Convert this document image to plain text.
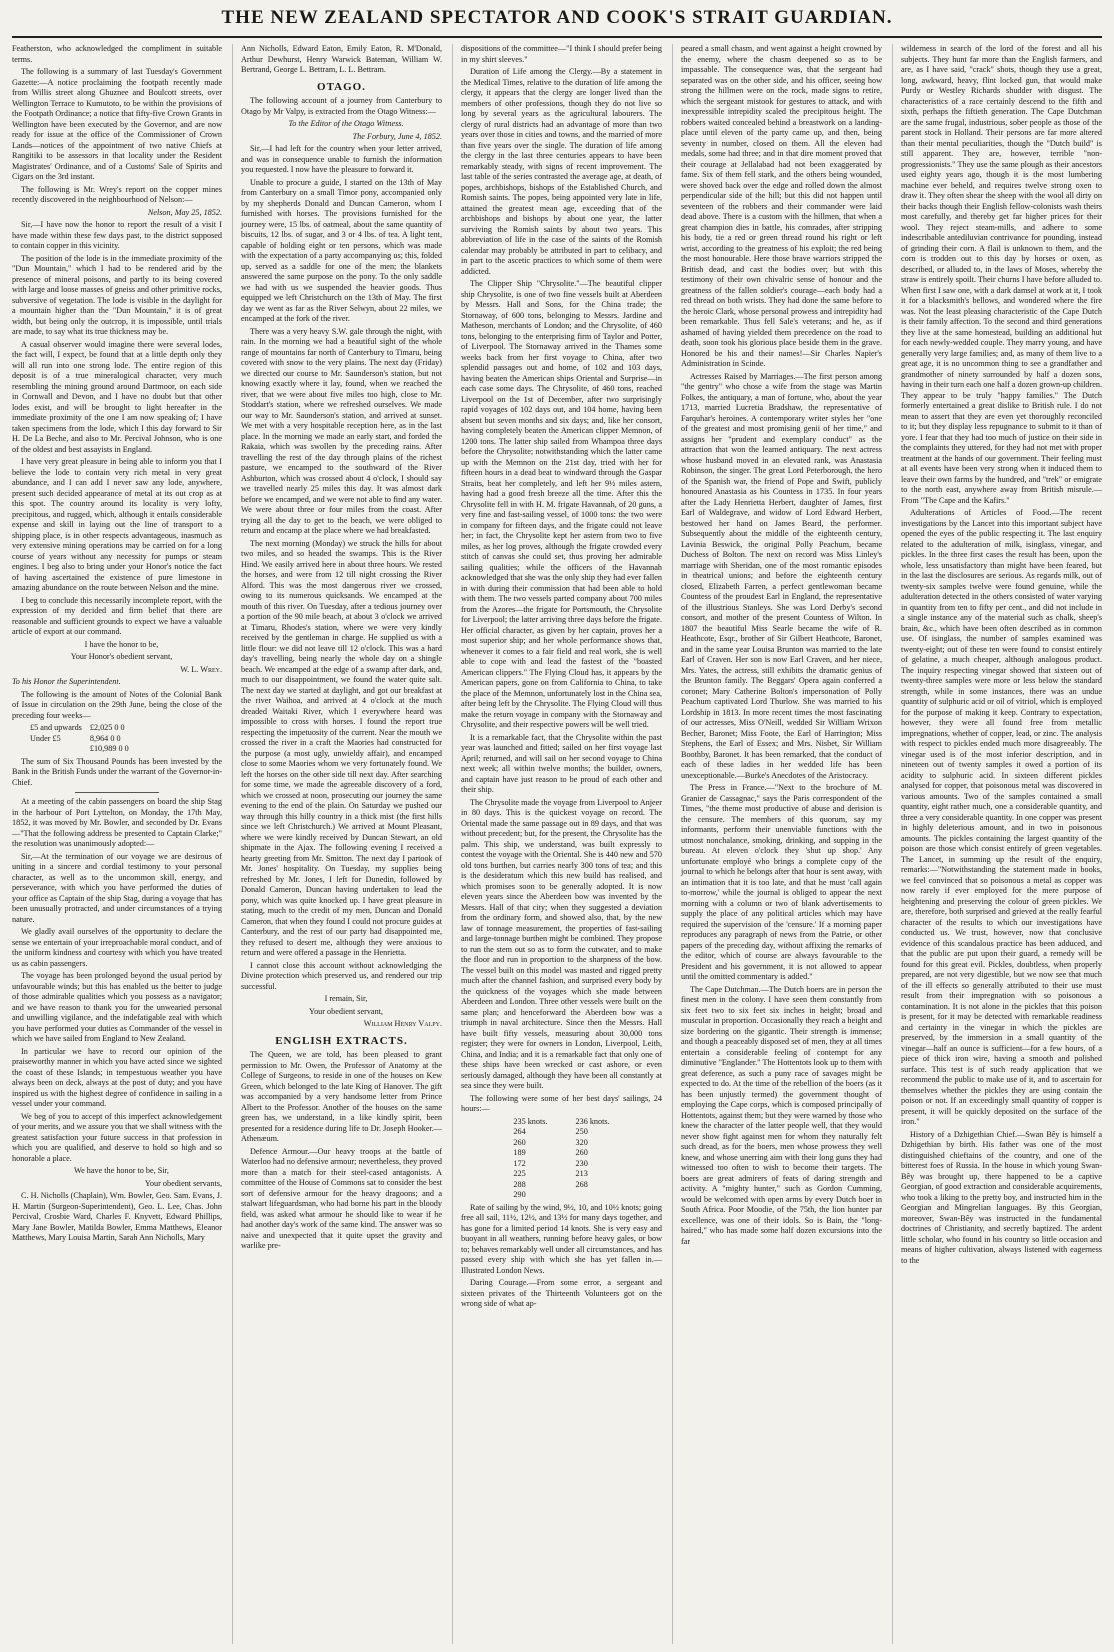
THE NEW ZEALAND SPECTATOR AND COOK'S STRAIT GUARDIAN.

Featherston, who acknowledged the compliment in suitable terms.

The following is a summary of last Tuesday's Government Gazette:—A notice proclaiming the footpath recently made from Willis street along Ghuznee and Boulcott streets, over Wellington Terrace to Kumutoto, to be within the provisions of the Footpath Ordinance; a notice that fifty-five Crown Grants in Wellington have been executed by the Governor, and are now ready for issue at the office of the Commissioner of Crown Lands—notices of the appointment of two native Chiefs at Rangitiki to be assessors in that locality under the Resident Magistrates' Ordinance, and of a Customs' Sale of Spirits and Cigars on the 3rd instant.

The following is Mr. Wrey's report on the copper mines recently discovered in the neighbourhood of Nelson:—

Nelson, May 25, 1852.

Sir,—I have now the honor to report the result of a visit I have made within these few days past, to the district supposed to contain copper in this vicinity.

The position of the lode is in the immediate proximity of the "Dun Mountain," which I had to be rendered arid by the presence of mineral poisons, and partly to its being covered with large and loose masses of gneiss and other primitive rocks, subversive of vegetation. The lode is visible in the daylight for a mountain higher than the "Dun Mountain," it is of great width, but being only the outcrop, it is impossible, until trials are made, to say what its true thickness may be.

A casual observer would imagine there were several lodes, the fact will, I expect, be found that at a little depth only they will all run into one strong lode. The entire region of this deposit is of a true mineralogical character, very much resembling the mining ground around Dartmoor, on each side in Cornwall and Devon, and I have no doubt but that other lodes exist, and will be brought to light hereafter in the immediate proximity of the one I am now speaking of; I have taken specimens from the lode, which I this day forward to Sir H. De La Beche, and also to Mr. Percival Johnson, who is one of the oldest and best assayists in England.

I have very great pleasure in being able to inform you that I believe the lode to contain very rich metal in very great abundance, and I can add I never saw any lode, anywhere, present such decided appearance of metal at its out crop as at this spot. The country around its locality is very lofty, precipitous, and rugged, which, although it entails considerable expense and skill in laying out the line of transport to a shipping place, is in other respects advantageous, inasmuch as very extensive mining operations may be carried on for a long course of years without any necessity for pumps or steam engines. I beg also to bring under your Honor's notice the fact of having ascertained the existence of pure limestone in amazing abundance on the route between Nelson and the mine.

I beg to conclude this necessarily incomplete report, with the expression of my decided and firm belief that there are reasonable and sufficient grounds to expect we have a valuable article of export at our command.

I have the honor to be,

Your Honor's obedient servant,

W. L. Wrey.

To his Honor the Superintendent.

The following is the amount of Notes of the Colonial Bank of Issue in circulation on the 29th June, being the close of the preceding four weeks—

£5 and upwards	£2,025 0 0
Under £5	8,964 0 0
	£10,989 0 0

The sum of Six Thousand Pounds has been invested by the Bank in the British Funds under the warrant of the Governor-in-Chief.

At a meeting of the cabin passengers on board the ship Stag in the harbour of Port Lyttelton, on Monday, the 17th May, 1852, it was moved by Mr. Bowler, and seconded by Dr. Evans—"That the following address be presented to Captain Clarke;" the resolution was unanimously adopted:—

Sir,—At the termination of our voyage we are desirous of uniting in a sincere and cordial testimony to your personal character, as well as to the uncommon skill, energy, and perseverance, with which you have performed the duties of your office as Captain of the ship Stag, during a voyage that has been unusually protracted, and under circumstances of a trying nature.

We gladly avail ourselves of the opportunity to declare the sense we entertain of your irreproachable moral conduct, and of the uniform kindness and courtesy with which you have treated us as cabin passengers.

The voyage has been prolonged beyond the usual period by unfavourable winds; but this has enabled us the better to judge of those admirable qualities which you possess as a navigator; and we have reason to thank you for the unwearied personal and unwilling vigilance, and the indefatigable zeal with which you have performed your duties as Commander of the vessel in which we have sailed from England to New Zealand.

In particular we have to record our opinion of the praiseworthy manner in which you have acted since we sighted the coast of these Islands; in tempestuous weather you have always been on deck, always at the post of duty; and you have inspired us with the highest degree of confidence in sailing in a vessel under your command.

We beg of you to accept of this imperfect acknowledgement of your merits, and we assure you that we shall witness with the greatest satisfaction your future success in that profession in which you are qualified, and deserve to hold so high and so honorable a place.

We have the honor to be, Sir,

Your obedient servants,

C. H. Nicholls (Chaplain), Wm. Bowler, Geo. Sam. Evans, J. H. Martin (Surgeon-Superintendent), Geo. L. Lee, Chas. John Percival, Crosbie Ward, Charles F. Knyvett, Edward Phillips, Mary Jane Bowler, Matilda Bowler, Emma Matthews, Eleanor Matthews, Mary Louisa Martin, Sarah Ann Nicholls, Mary

Ann Nicholls, Edward Eaton, Emily Eaton, R. M'Donald, Arthur Dewhurst, Henry Warwick Bateman, William W. Bertrand, George L. Bettram, L. L. Bettram.

OTAGO.

The following account of a journey from Canterbury to Otago by Mr Valpy, is extracted from the Otago Witness:—

To the Editor of the Otago Witness.

The Forbury, June 4, 1852.

Sir,—I had left for the country when your letter arrived, and was in consequence unable to furnish the information you requested. I now have the pleasure to forward it.

Unable to procure a guide, I started on the 13th of May from Canterbury on a small Timor pony, accompanied only by my shepherds Donald and Duncan Cameron, whom I furnished with horses. The provisions furnished for the journey were, 15 lbs. of oatmeal, about the same quantity of biscuits, 12 lbs. of sugar, and 3 or 4 lbs. of tea. A light tent, capable of holding eight or ten persons, which was made with the expectation of a party accompanying us; this, folded up, served as a saddle for one of the men; the blankets answered the same purpose on the pony. To the only saddle we had with us we suspended the heavier goods. Thus equipped we left Christchurch on the 13th of May. The first day we went as far as the River Selwyn, about 22 miles, we encamped at the fork of the river.

There was a very heavy S.W. gale through the night, with rain. In the morning we had a beautiful sight of the whole range of mountains far north of Canterbury to Timaru, being covered with snow to the very plains. The next day (Friday) we directed our course to Mr. Saunderson's station, but not knowing exactly where it lay, found, when we reached the river, that we were about five miles too high, close to Mr. Stoddart's station, where we refreshed ourselves. We made our way to Mr. Saunderson's station, and arrived at sunset. We met with a very hospitable reception here, as in the last place. In the morning we made an early start, and forded the Rakaia, which was swollen by the preceding rains. After travelling the rest of the day through plains of the richest pasture, we encamped to the southward of the River Ashburton, which was crossed about 4 o'clock, I should say we travelled nearly 25 miles this day. It was almost dark before we encamped, and we were not able to find any water. We were about three or four miles from the coast. After trying all the day to get to the beach, we were obliged to return and encamp at the place where we had breakfasted.

The next morning (Monday) we struck the hills for about two miles, and so headed the swamps. This is the River Hind. We easily arrived here in about three hours. We rested the horses, and were from 12 till night crossing the River Alford. This was the most dangerous river we crossed, owing to its numerous quicksands. We encamped at the mouth of this river. On Tuesday, after a tedious journey over a portion of the 90 mile beach, at about 3 o'clock we arrived at Timaru, Rhodes's station, where we were very kindly received by the gentleman in charge. He supplied us with a little flour: we did not leave till 12 o'clock. This was a hard day's travelling, being nearly the whole day on a shingle beach. We encamped at the edge of a swamp after dark, and, much to our disappointment, we found the water quite salt. The next day we started at daylight, and got our breakfast at the river Waihoa, and arrived at 4 o'clock at the much dreaded Waitaki River, which I everywhere heard was impossible to cross with horses. I found the report true respecting the impetuosity of the current. Near the mouth we crossed the river in a craft the Maories had constructed for the purpose (a most ugly, unwieldy affair), and encamped close to some Maories whom we very fortunately found. We left the horses on the other side till next day. After searching for some time, we made the agreeable discovery of a ford, which we crossed at noon, prosecuting our journey the same evening to the end of the plain. On Saturday we pushed our way through this hilly country in a thick mist (the first hills since we left Christchurch.) We arrived at Mount Pleasant, where we were kindly received by Duncan Stewart, an old shipmate in the Ajax. The following evening I received a hearty greeting from Mr. Smitton. The next day I partook of Mr. Jones' hospitality. On Tuesday, my supplies being refreshed by Mr. Jones, I left for Dunedin, followed by Donald Cameron, Duncan having undertaken to lead the pony, which was quite knocked up. I have great pleasure in stating, much to the credit of my men, Duncan and Donald Cameron, that when they found I could not procure guides at Canterbury, and the rest of our party had disappointed me, they refused to desert me, although they were anxious to return and were offered a passage in the Henrietta.

I cannot close this account without acknowledging the Divine protection which preserved us, and rendered our trip successful.

I remain, Sir,

Your obedient servant,

William Henry Valpy.

ENGLISH EXTRACTS.

The Queen, we are told, has been pleased to grant permission to Mr. Owen, the Professor of Anatomy at the College of Surgeons, to reside in one of the houses on Kew Green, which belonged to the late King of Hanover. The gift was accompanied by a very handsome letter from Prince Albert to the Professor. Another of the houses on the same green has, we understand, in a like kindly spirit, been presented for a residence during life to Dr. Joseph Hooker.—Athenæum.

Defence Armour.—Our heavy troops at the battle of Waterloo had no defensive armour; nevertheless, they proved more than a match for their steel-cased antagonists. A committee of the House of Commons sat to consider the best sort of defensive armour for the heavy dragoons; and a stalwart lifeguardsman, who had borne his part in the bloody field, was asked what armour he should like to wear if he had another day's work of the same kind. The answer was so naive and unexpected that it quite upset the gravity and warlike pre-

dispositions of the committee—"I think I should prefer being in my shirt sleeves."

Duration of Life among the Clergy.—By a statement in the Medical Times, relative to the duration of life among the clergy, it appears that the clergy are longer lived than the members of other professions, though they do not live so long by several years as the agricultural labourers. The clergy of rural districts had an advantage of more than two years over those in cities and towns, and the married of more than five years over the single. The duration of life among the clergy in the last three centuries appears to have been remarkably steady, with signs of recent improvement. The last table of the series contrasted the average age, at death, of popes, archbishops, bishops of the Established Church, and Romish saints. The popes, being appointed very late in life, attained the greatest mean age, exceeding that of the archbishops and bishops by about one year, the latter surviving the Romish saints by about two years. This abbreviation of life in the case of the saints of the Romish calendar may probably be attributed in part to celibacy, and in part to the ascetic practices to which some of them were addicted.

The Clipper Ship "Chrysolite."—The beautiful clipper ship Chrysolite, is one of two fine vessels built at Aberdeen by Messrs. Hall and Sons, for the China trade; the Stornaway, of 600 tons, belonging to Messrs. Jardine and Matheson, merchants of London; and the Chrysolite, of 460 tons, belonging to the enterprising firm of Taylor and Potter, of Liverpool. The Stornaway arrived in the Thames some weeks back from her first voyage to China, after two splendid passages out and home, of 102 and 103 days, having beaten the American ships Oriental and Surprise—in each case some days. The Chrysolite, of 460 tons, reached Liverpool on the 1st of December, after two surprisingly rapid voyages of 102 days out, and 104 home, having been absent but seven months and six days; and, like her consort, having completely beaten the American clipper Memnon, of 1200 tons. The latter ship sailed from Whampoa three days before the Chrysolite; notwithstanding which the latter came up with the Memnon on the 21st day, tried with her for fifteen hours in a dead beat to windward through the Gaspar Straits, beat her completely, and left her 9½ miles astern, having had a good fresh breeze all the time. After this the Chrysolite fell in with H. M. frigate Havannah, of 20 guns, a very fine and fast-sailing vessel, of 1000 tons: the two were in company for fifteen days, and the frigate could not leave her; in fact, the Chrysolite kept her astern from two to five miles, as her log proves, although the frigate crowded every stitch of canvas she could set, thus proving her admirable sailing qualities; while the officers of the Havannah acknowledged that she was the only ship they had ever fallen in with during their commission that had been able to hold with them. The two vessels parted company about 700 miles from the Azores—the frigate for Portsmouth, the Chrysolite for Liverpool; the latter arriving three days before the frigate. Her official character, as given by her captain, proves her a most superior ship; and her whole performance shows that, whenever it comes to a fair field and real work, she is well able to cope with and lead the fastest of the "boasted American clippers." The Flying Cloud has, it appears by the American papers, gone on from California to China, to take the place of the Memnon, unfortunately lost in the China sea, after being left by the Chrysolite. The Flying Cloud will thus make the return voyage in company with the Stornaway and Chrysolite, and their respective powers will be well tried.

It is a remarkable fact, that the Chrysolite within the past year was launched and fitted; sailed on her first voyage last April; returned, and will sail on her second voyage to China next week; all within twelve months; the builder, owners, and captain have just reason to be proud of each other and their ship.

The Chrysolite made the voyage from Liverpool to Anjeer in 80 days. This is the quickest voyage on record. The Oriental made the same passage out in 89 days, and that was without precedent; but, for the present, the Chrysolite has the palm. This ship, we understand, was built expressly to contest the voyage with the Oriental. She is 440 new and 570 old tons burthen, but carries nearly 300 tons of tea; and this is the desideratum which this new build has realised, and which promises soon to be generally adopted. It is now eleven years since the Aberdeen bow was invented by the Messrs. Hall of that city; when they suggested a deviation from the ordinary form, and showed also, that, by the new law of tonnage measurement, the properties of fast-sailing and large-tonnage burthen might be combined. They propose to run the stem out so as to form the cutwater, and to make the floor and run in proportion to the sharpness of the bow. The vessel built on this model was masted and rigged pretty much after the channel fashion, and surprised every body by the quickness of the voyages which she made between Aberdeen and London. Three other vessels were built on the same plan; and henceforward the Aberdeen bow was a triumph in naval architecture. Since then the Messrs. Hall have built fifty vessels, measuring about 30,000 tons register; they were for owners in London, Liverpool, Leith, China, and India; and it is a remarkable fact that only one of these ships have been wrecked or cast ashore, or even seriously damaged, although they have been all constantly at sea since they were built.

The following were some of her best days' sailings, 24 hours:—

235 knots.	236 knots.
264	250
260	320
189	260
172	230
225	213
288	268
290	

Rate of sailing by the wind, 9½, 10, and 10½ knots; going free all sail, 11½, 12½, and 13½ for many days together, and has gone for a limited period 14 knots. She is very easy and buoyant in all weathers, running before heavy gales, or bow to; behaves remarkably well under all circumstances, and has passed every ship with which she has yet fallen in.—Illustrated London News.

Daring Courage.—From some error, a sergeant and sixteen privates of the Thirteenth Volunteers got on the wrong side of what ap-

peared a small chasm, and went against a height crowned by the enemy, where the chasm deepened so as to be impassable. The consequence was, that the sergeant had separated was on the other side, and his officer, seeing how strong the hillmen were on the rock, made signs to retire, which the sergeant mistook for gestures to attack, and with inexpressible intrepidity scaled the precipitous height. The robbers waited concealed behind a breastwork on a landing-place until eleven of the party came up, and then, being seventy in number, closed on them. All the eleven had medals, some had three; and in that dire moment proved that their courage at Jellalabad had not been exaggerated by fame. Six of them fell stark, and the others being wounded, were shoved back over the edge and rolled down the almost perpendicular side of the hill; but this did not happen until seventeen of the robbers and their commander were laid dead above. There is a custom with the hillmen, that when a great champion dies in battle, his comrades, after stripping his body, tie a red or green thread round his right or left wrist, according to the greatness of his exploit; the red being the most honourable. Here those brave warriors stripped the British dead, and cast the bodies over; but with this testimony of their own chivalric sense of honour and the greatness of the fallen soldier's courage—each body had a red thread on both wrists. They had done the same before to the heroic Clark, whose personal prowess and intrepidity had been remarkable. Thus fell Sale's veterans; and he, as if ashamed of having yielded them precedence on the road to death, soon took his glorious place beside them in the grave. Honored be his and their names!—Sir Charles Napier's Administration in Scinde.

Actresses Raised by Marriages.—The first person among "the gentry" who chose a wife from the stage was Martin Folkes, the antiquary, a man of fortune, who, about the year 1713, married Lucretia Bradshaw, the representative of Farquhar's heroines. A contemporary writer styles her "one of the greatest and most promising genii of her time," and assigns her "prudent and exemplary conduct" as the attraction that won the learned antiquary. The next actress whose husband moved in an elevated rank, was Anastasia Robinson, the singer. The great Lord Peterborough, the hero of the Spanish war, the friend of Pope and Swift, publicly honoured Anastasia as his Countess in 1735. In four years after the Lady Henrietta Herbert, daughter of James, first Earl of Waldegrave, and widow of Lord Edward Herbert, bestowed her hand on James Beard, the performer. Subsequently about the middle of the eighteenth century, Lavinia Beswick, the original Polly Peachum, became Duchess of Bolton. The next on record was Miss Linley's marriage with Sheridan, one of the most romantic episodes in theatrical unions; and before the eighteenth century closed, Elizabeth Farren, a perfect gentlewoman became Countess of the proudest Earl in England, the representative of the illustrious Stanleys. She was Lord Derby's second consort, and mother of the present Countess of Wilton. In 1807 the beautiful Miss Searle became the wife of R. Heathcote, Esqr., brother of Sir Gilbert Heathcote, Baronet, and in the same year Louisa Brunton was married to the late Earl of Craven. Her son is now Earl Craven, and her niece, Mrs. Yates, the actress, still exhibits the dramatic genius of the Brunton family. The Beggars' Opera again conferred a coronet; Mary Catherine Bolton's impersonation of Polly Peachum captivated Lord Thurlow. She was married to his Lordship in 1813. In more recent times the most fascinating of our actresses, Miss O'Neill, wedded Sir William Wrixon Becher, Baronet; Miss Foote, the Earl of Harrington; Miss Stephens, the Earl of Essex; and Mrs. Nisbet, Sir William Boothby, Baronet. It has been remarked, that the conduct of each of these ladies in her wedded life has been unexceptionable.—Burke's Anecdotes of the Aristocracy.

The Press in France.—"Next to the brochure of M. Granier de Cassagnac," says the Paris correspondent of the Times, "the theme most productive of abuse and derision is the censure. The members of this quorum, say my informants, perform their unenviable functions with the utmost nonchalance, smoking, drinking, and supping in the bureau. At eleven o'clock they 'shut up shop.' Any unfortunate employé who brings a complete copy of the journal to which he belongs after that hour is sent away, with an intimation that it is too late, and that he must 'call again to-morrow,' while the journal is obliged to appear the next morning with a column or two of blank advertisements to supply the place of any political articles which may have required the supervision of the 'censure.' If a morning paper reproduces any paragraph of news from the Patrie, or other papers of the preceding day, without affixing the remarks of the editor, which of course are always favourable to the President and his government, it is not allowed to appear until the omitted commentary is added."

The Cape Dutchman.—The Dutch boers are in person the finest men in the colony. I have seen them constantly from six feet two to six feet six inches in height; broad and muscular in proportion. Occasionally they reach a height and size bordering on the gigantic. Their strength is immense; and though a peaceably disposed set of men, they at all times entertain a considerable feeling of contempt for any diminutive "Englander." The Hottentots look up to them with great deference, as such a puny race of savages might be expected to do. At the time of the rebellion of the boers (as it has been unjustly termed) the government thought of employing the Cape corps, which is composed principally of Hottentots, against them; but they were warned by those who knew the character of the latter people well, that they would never show fight against men for whom they naturally felt such dread, as for the boers, men whose prowess they well knew, and whose unerring aim with their long guns they had witnessed too often to wish to become their targets. The boers are great admirers of feats of daring strength and activity. A "mighty hunter," such as Gordon Cumming, would be welcomed with open arms by every Dutch boer in South Africa. Poor Moodie, of the 75th, the lion hunter par excellence, was one of their idols. So is Bain, the "long-haired," who has made some half dozen excursions into the far

wilderness in search of the lord of the forest and all his subjects. They hunt far more than the English farmers, and are, as I have said, "crack" shots, though they use a great, long, awkward, heavy, flint locked gun, that would make Purdy or Westley Richards shudder with disgust. The characteristics of a race certainly descend to the fifth and sixth, perhaps the fiftieth generation. The Cape Dutchman are the same frugal, industrious, sober people as those of the parent stock in Holland. Their persons are far more altered than their mental peculiarities, though the "Dutch build" is still apparent. They are, however, terrible "non-progressionists." They use the same plough as their ancestors used eighty years ago, though it is the most lumbering machine ever beheld, and requires twelve strong oxen to draw it. They often shear the sheep with the wool all dirty on their backs though their English fellow-colonists wash theirs most carefully, and thereby get far higher prices for their wool. They reject steam-mills, and adhere to some indescribable antediluvian contrivance for pounding, instead of grinding their corn. A flail is unknown to them, and the corn is trodden out to this day by horses or oxen, as described, or alluded to, in the laws of Moses, whereby the straw is entirely spoilt. Their churns I have before alluded to. When first I saw one, with a dark damsel at work at it, I took it for a blacksmith's bellows, and wondered where the fire was. Not the least pleasing characteristic of the Cape Dutch is their family affection. To the second and third generations they live at the same homestead, building an additional hut for each newly-wedded couple. They marry young, and have generally very large families; and, as many of them live to a great age, it is no uncommon thing to see a grandfather and grandmother of ninety surrounded by half a dozen sons, having in their turn each one half a dozen grown-up children. They appear to be truly "happy families." The Dutch formerly entertained a great dislike to British rule. I do not mean to assert that they are even yet thoroughly reconciled to it; but they display less repugnance to submit to it than of yore. I fear that they had too much of justice on their side in the complaints they uttered, for they had not met with proper treatment at the hands of our government. Their feeling must at all events have been very strong when it induced them to leave their own farms by the hundred, and "trek" or emigrate to the north east, anywhere away from British misrule.—From "The Cape and the Kafirs."

Adulterations of Articles of Food.—The recent investigations by the Lancet into this important subject have opened the eyes of the public respecting it. The last enquiry related to the adulteration of milk, isinglass, vinegar, and pickles. In the three first cases the result has been, upon the whole, less unsatisfactory than might have been feared, but in the last the disclosures are serious. As regards milk, out of twenty-six samples twelve were found genuine, while the adulteration detected in the others consisted of water varying in quantity from ten to fifty per cent., and did not include in a single instance any of the material such as chalk, sheep's brain, &c., which have been often described as in common use. Of isinglass, the number of samples examined was twenty-eight; out of these ten were found to consist entirely of gelatine, a much cheaper, although analogous product. The inquiry respecting vinegar showed that sixteen out of twenty-three samples were more or less below the standard strength, while in some instances, there was an undue quantity of sulphuric acid or oil of vitriol, which is employed for the purpose of making it keep. Contrary to expectation, however, they were all found free from metallic impregnations, whether of copper, lead, or zinc. The analysis with respect to pickles ended much more disagreeably. The vinegar used is of the most inferior description, and in nineteen out of twenty samples it owed a portion of its acidity to sulphuric acid. In sixteen different pickles analysed for copper, that poisonous metal was discovered in various amounts. Two of the samples contained a small quantity, eight rather much, one a considerable quantity, and three a very considerable quantity. In one copper was present in highly deleterious amount, and in two in poisonous amounts. The pickles containing the largest quantity of the poison are those which consist entirely of green vegetables. The Lancet, in summing up the result of the enquiry, remarks:—"Notwithstanding the statement made in books, we feel convinced that so poisonous a metal as copper was now rarely if ever employed for the mere purpose of heightening and preserving the colour of green pickles. We are, therefore, both surprised and grieved at the really fearful character of the results to which our investigations have conducted us. We trust, however, now that conclusive evidence of this scandalous practice has been adduced, and that the public are put upon their guard, a remedy will be found for this great evil. Pickles, doubtless, when properly prepared, are not very digestible, but we now see that much of the ill effects so generally attributed to their use must result from their impregnation with so poisonous a contamination. It is not alone in the pickles that this poison is present, for it may be detected with remarkable readiness and certainty in the vinegar in which the pickles are preserved, by the immersion in a small quantity of the vinegar—half an ounce is sufficient—for a few hours, of a piece of thick iron wire, having a smooth and polished surface. This test is of such ready application that we recommend the public to make use of it, and to ascertain for themselves whether the pickles they are using contain the poison or not. If an exceedingly small quantity of copper is present, it will be quickly deposited on the surface of the iron."

History of a Dzhigethian Chief.—Swan Bêy is himself a Dzhigethian by birth. His father was one of the most distinguished chieftains of the country, and one of the bitterest foes of Russia. In the house in which young Swan-Bêy was brought up, there happened to be a captive Georgian, of good extraction and considerable acquirements, who took a liking to the pretty boy, and instructed him in the Georgian and Mingrelian languages. By this Georgian, moreover, Swan-Bêy was instructed in the fundamental doctrines of Christianity, and secretly baptized. The ardent little scholar, who found in his country so little occasion and means of higher cultivation, always listened with eagerness to the
